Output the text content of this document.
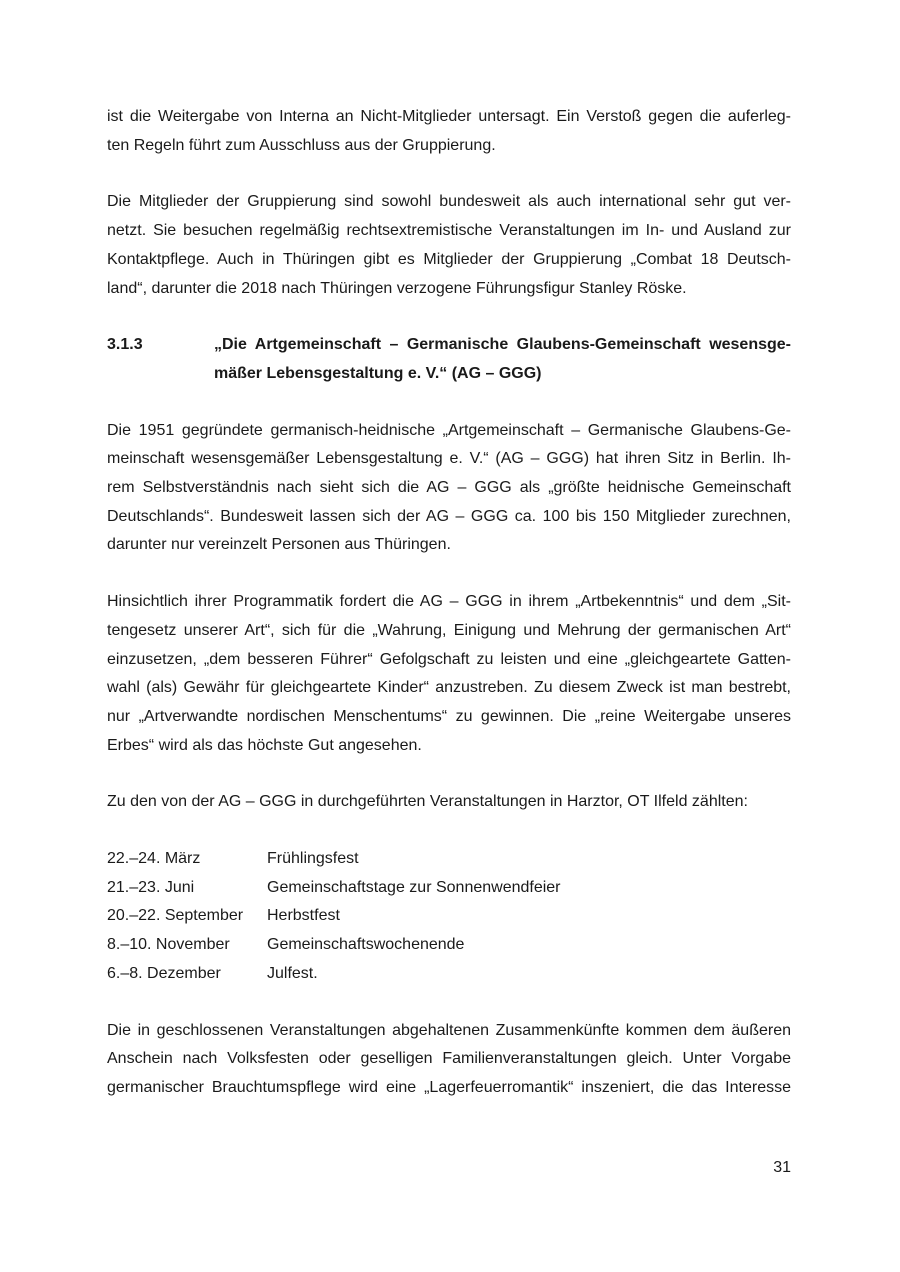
ist die Weitergabe von Interna an Nicht-Mitglieder untersagt. Ein Verstoß gegen die auferleg-
ten Regeln führt zum Ausschluss aus der Gruppierung.

Die Mitglieder der Gruppierung sind sowohl bundesweit als auch international sehr gut ver-
netzt. Sie besuchen regelmäßig rechtsextremistische Veranstaltungen im In- und Ausland zur
Kontaktpflege. Auch in Thüringen gibt es Mitglieder der Gruppierung „Combat 18 Deutsch-
land“, darunter die 2018 nach Thüringen verzogene Führungsfigur Stanley Röske.

3.1.3	„Die Artgemeinschaft – Germanische Glaubens-Gemeinschaft wesensge-
mäßer Lebensgestaltung e. V.“ (AG – GGG)

Die 1951 gegründete germanisch-heidnische „Artgemeinschaft – Germanische Glaubens-Ge-
meinschaft wesensgemäßer Lebensgestaltung e. V.“ (AG – GGG) hat ihren Sitz in Berlin. Ih-
rem Selbstverständnis nach sieht sich die AG – GGG als „größte heidnische Gemeinschaft
Deutschlands“. Bundesweit lassen sich der AG – GGG ca. 100 bis 150 Mitglieder zurechnen,
darunter nur vereinzelt Personen aus Thüringen.

Hinsichtlich ihrer Programmatik fordert die AG – GGG in ihrem „Artbekenntnis“ und dem „Sit-
tengesetz unserer Art“, sich für die „Wahrung, Einigung und Mehrung der germanischen Art“
einzusetzen, „dem besseren Führer“ Gefolgschaft zu leisten und eine „gleichgeartete Gatten-
wahl (als) Gewähr für gleichgeartete Kinder“ anzustreben. Zu diesem Zweck ist man bestrebt,
nur „Artverwandte nordischen Menschentums“ zu gewinnen. Die „reine Weitergabe unseres
Erbes“ wird als das höchste Gut angesehen.

Zu den von der AG – GGG in durchgeführten Veranstaltungen in Harztor, OT Ilfeld zählten:

22.–24. März	Frühlingsfest
21.–23. Juni	Gemeinschaftstage zur Sonnenwendfeier
20.–22. September	Herbstfest
8.–10. November	Gemeinschaftswochenende
6.–8. Dezember	Julfest.

Die in geschlossenen Veranstaltungen abgehaltenen Zusammenkünfte kommen dem äußeren
Anschein nach Volksfesten oder geselligen Familienveranstaltungen gleich. Unter Vorgabe
germanischer Brauchtumspflege wird eine „Lagerfeuerromantik“ inszeniert, die das Interesse

31
